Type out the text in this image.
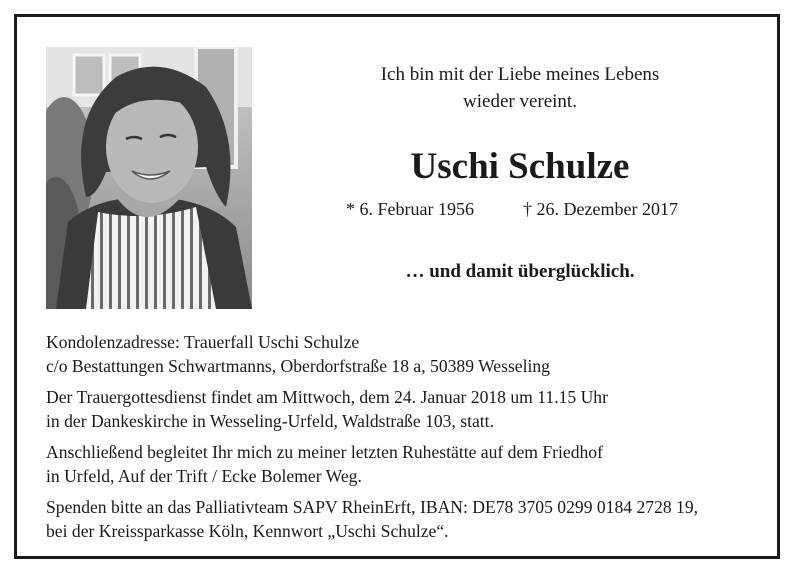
Ich bin mit der Liebe meines Lebens
wieder vereint.
Uschi Schulze
* 6. Februar 1956	† 26. Dezember 2017
… und damit überglücklich.
Kondolenzadresse: Trauerfall Uschi Schulze
c/o Bestattungen Schwartmanns, Oberdorfstraße 18 a, 50389 Wesseling
Der Trauergottesdienst findet am Mittwoch, dem 24. Januar 2018 um 11.15 Uhr
in der Dankeskirche in Wesseling-Urfeld, Waldstraße 103, statt.
Anschließend begleitet Ihr mich zu meiner letzten Ruhestätte auf dem Friedhof
in Urfeld, Auf der Trift / Ecke Bolemer Weg.
Spenden bitte an das Palliativteam SAPV RheinErft, IBAN: DE78 3705 0299 0184 2728 19,
bei der Kreissparkasse Köln, Kennwort „Uschi Schulze“.
